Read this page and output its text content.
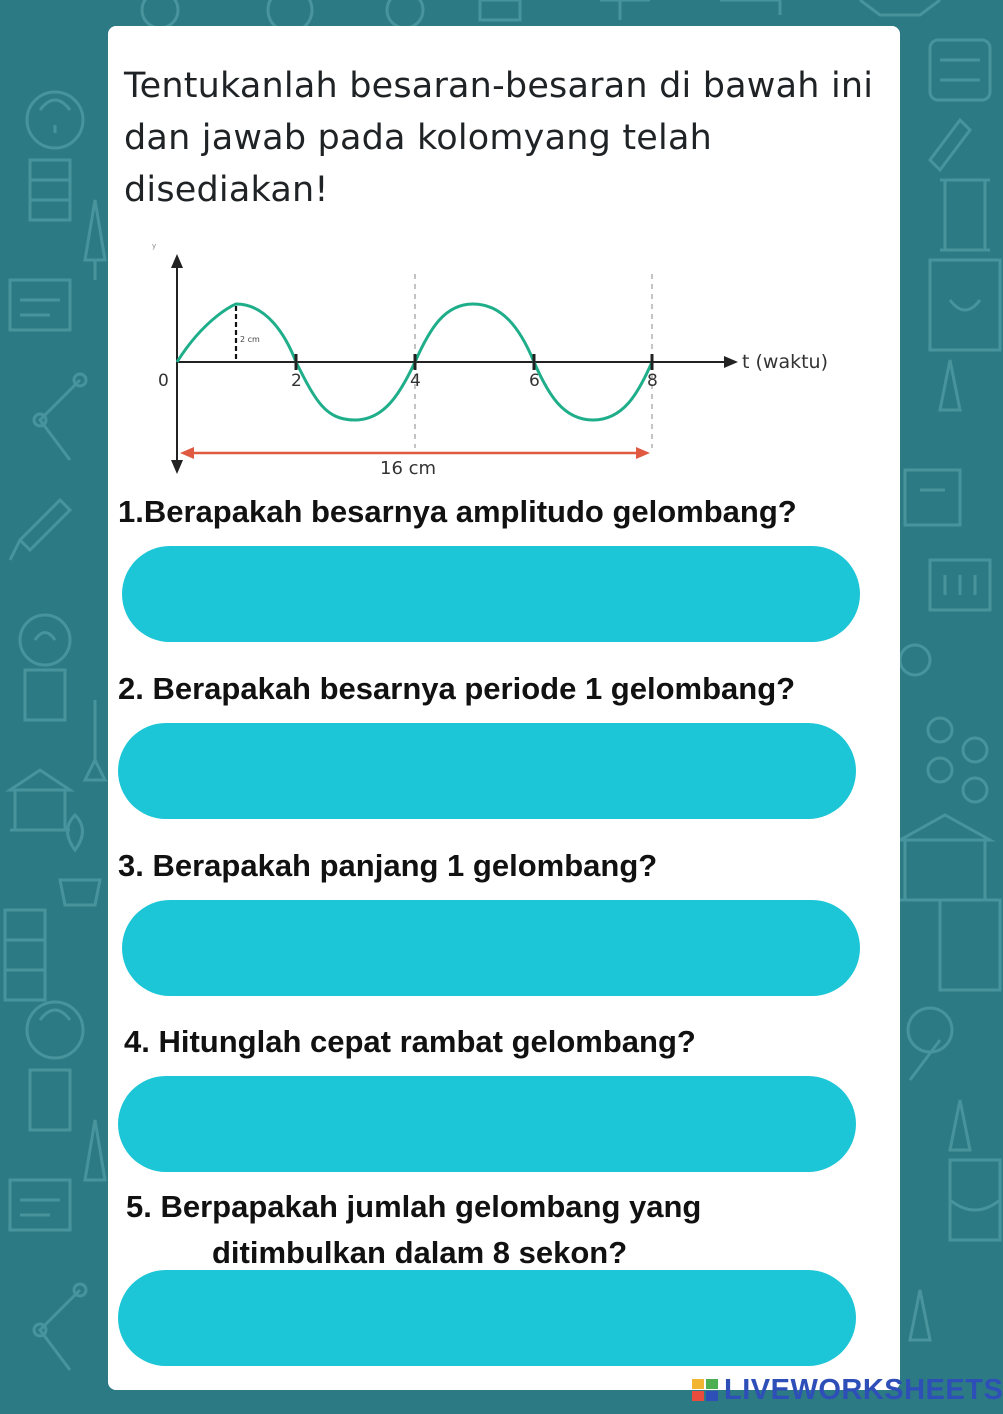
Tentukanlah besaran-besaran di bawah ini dan jawab pada kolomyang telah disediakan!

y
2 cm
0	2	4	6	8
t (waktu)
16 cm

1.Berapakah besarnya amplitudo gelombang?

2. Berapakah besarnya periode 1 gelombang?

3. Berapakah panjang 1 gelombang?

4. Hitunglah cepat rambat gelombang?

5. Berpapakah jumlah gelombang yang
ditimbulkan dalam 8 sekon?

LIVEWORKSHEETS
